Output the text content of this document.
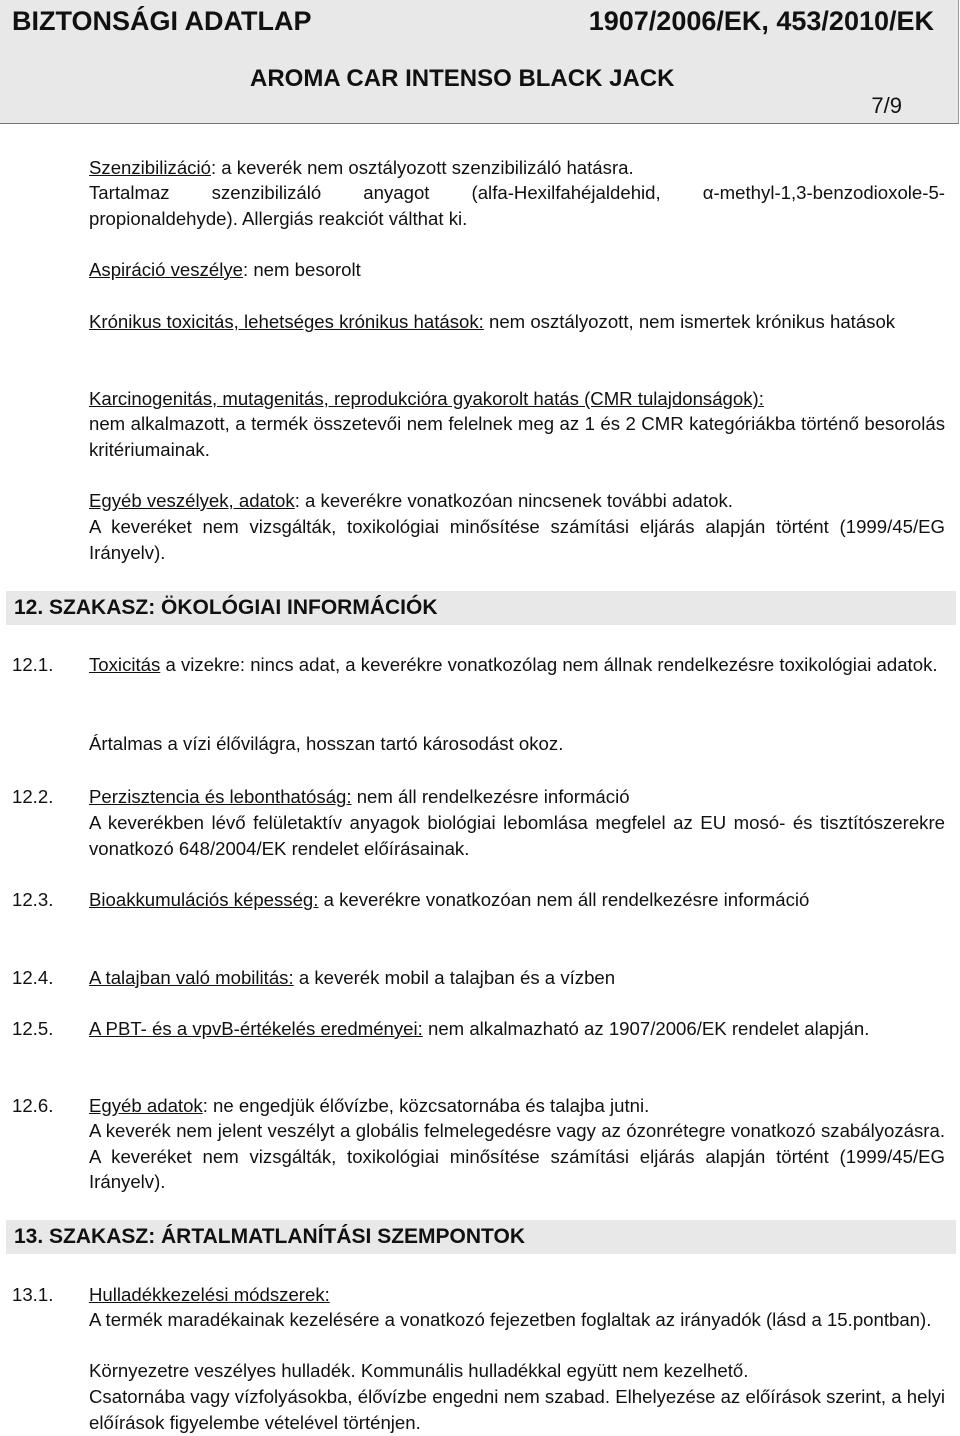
BIZTONSÁGI ADATLAP	1907/2006/EK, 453/2010/EK
AROMA CAR INTENSO BLACK JACK
7/9
Szenzibilizáció: a keverék nem osztályozott szenzibilizáló hatásra.
Tartalmaz szenzibilizáló anyagot (alfa-Hexilfahéjaldehid, α-methyl-1,3-benzodioxole-5-propionaldehyde). Allergiás reakciót válthat ki.
Aspiráció veszélye: nem besorolt
Krónikus toxicitás, lehetséges krónikus hatások: nem osztályozott, nem ismertek krónikus hatások
Karcinogenitás, mutagenitás, reprodukcióra gyakorolt hatás (CMR tulajdonságok):
nem alkalmazott, a termék összetevői nem felelnek meg az 1 és 2 CMR kategóriákba történő besorolás kritériumainak.
Egyéb veszélyek, adatok: a keverékre vonatkozóan nincsenek további adatok.
A keveréket nem vizsgálták, toxikológiai minősítése számítási eljárás alapján történt (1999/45/EG Irányelv).
12. SZAKASZ: ÖKOLÓGIAI INFORMÁCIÓK
12.1. Toxicitás a vizekre: nincs adat, a keverékre vonatkozólag nem állnak rendelkezésre toxikológiai adatok.
Ártalmas a vízi élővilágra, hosszan tartó károsodást okoz.
12.2. Perzisztencia és lebonthatóság: nem áll rendelkezésre információ
A keverékben lévő felületaktív anyagok biológiai lebomlása megfelel az EU mosó- és tisztítószerekre vonatkozó 648/2004/EK rendelet előírásainak.
12.3. Bioakkumulációs képesség: a keverékre vonatkozóan nem áll rendelkezésre információ
12.4. A talajban való mobilitás: a keverék mobil a talajban és a vízben
12.5. A PBT- és a vpvB-értékelés eredményei: nem alkalmazható az 1907/2006/EK rendelet alapján.
12.6. Egyéb adatok: ne engedjük élővízbe, közcsatornába és talajba jutni.
A keverék nem jelent veszélyt a globális felmelegedésre vagy az ózonrétegre vonatkozó szabályozásra. A keveréket nem vizsgálták, toxikológiai minősítése számítási eljárás alapján történt (1999/45/EG Irányelv).
13. SZAKASZ: ÁRTALMATLANÍTÁSI SZEMPONTOK
13.1. Hulladékkezelési módszerek:
A termék maradékainak kezelésére a vonatkozó fejezetben foglaltak az irányadók (lásd a 15.pontban).
Környezetre veszélyes hulladék. Kommunális hulladékkal együtt nem kezelhető.
Csatornába vagy vízfolyásokba, élővízbe engedni nem szabad. Elhelyezése az előírások szerint, a helyi előírások figyelembe vételével történjen.
